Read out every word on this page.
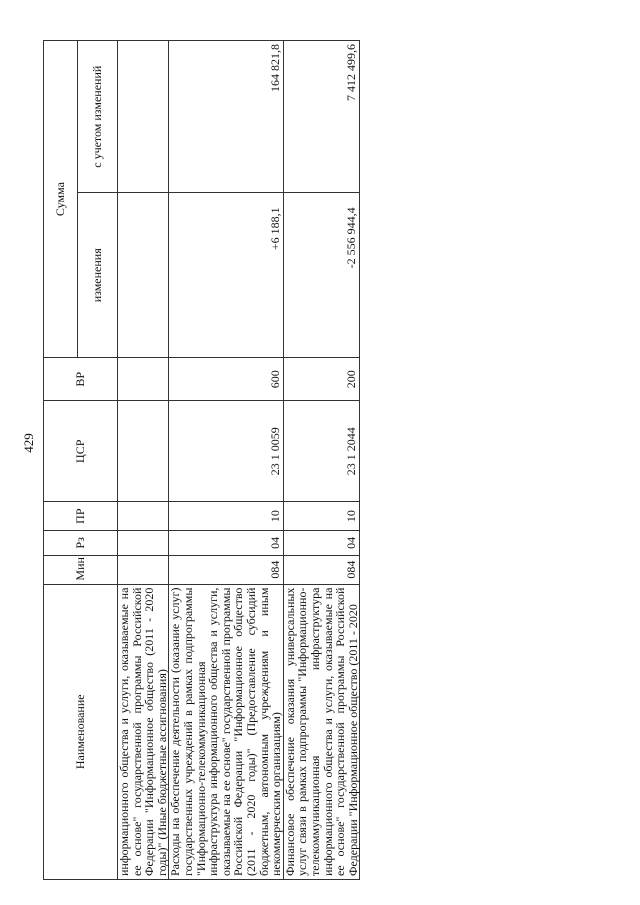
429
Наименование	Мин	Рз	ПР	ЦСР	ВР	Сумма	
						изменения	с учетом изменений
информационного общества и услуги, оказываемые на ее основе" государственной программы Российской Федерации "Информационное общество (2011 - 2020 годы)" (Иные бюджетные ассигнования)							
Расходы на обеспечение деятельности (оказание услуг) государственных учреждений в рамках подпрограммы "Информационно-телекоммуникационная инфраструктура информационного общества и услуги, оказываемые на ее основе" государственной программы Российской Федерации "Информационное общество (2011 - 2020 годы)" (Предоставление субсидий бюджетным, автономным учреждениям и иным некоммерческим организациям)	084	04	10	23 1 0059	600	+6 188,1	164 821,8
Финансовое обеспечение оказания универсальных услуг связи в рамках подпрограммы "Информационно-телекоммуникационная инфраструктура информационного общества и услуги, оказываемые на ее основе" государственной программы Российской Федерации "Информационное общество (2011 - 2020	084	04	10	23 1 2044	200	-2 556 944,4	7 412 499,6
